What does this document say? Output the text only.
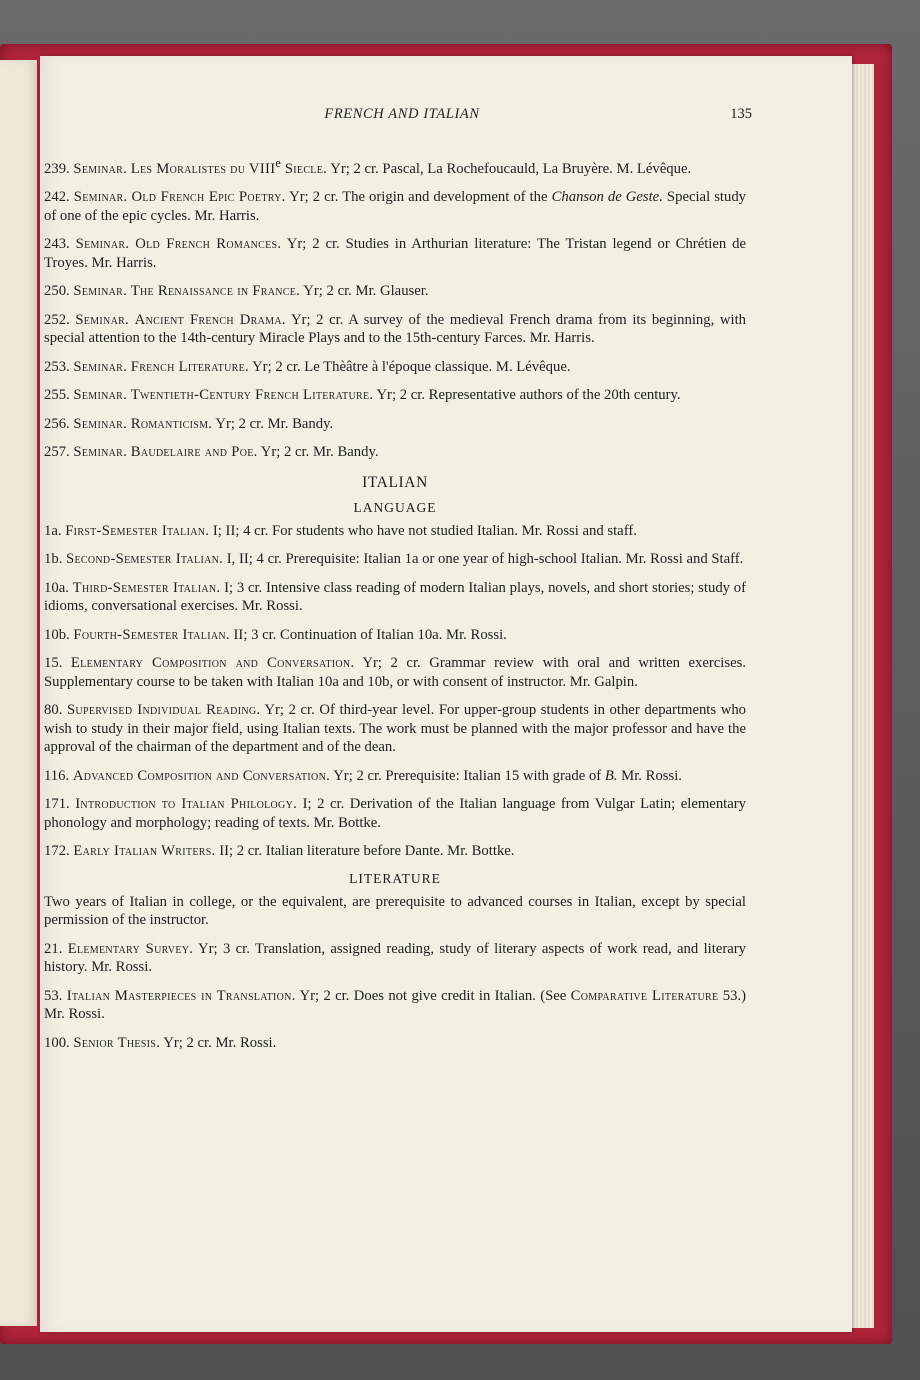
FRENCH AND ITALIAN	135

239. Seminar. Les Moralistes du VIIIe Siecle. Yr; 2 cr. Pascal, La Rochefoucauld, La Bruyère. M. Lévêque.

242. Seminar. Old French Epic Poetry. Yr; 2 cr. The origin and development of the Chanson de Geste. Special study of one of the epic cycles. Mr. Harris.

243. Seminar. Old French Romances. Yr; 2 cr. Studies in Arthurian literature: The Tristan legend or Chrétien de Troyes. Mr. Harris.

250. Seminar. The Renaissance in France. Yr; 2 cr. Mr. Glauser.

252. Seminar. Ancient French Drama. Yr; 2 cr. A survey of the medieval French drama from its beginning, with special attention to the 14th-century Miracle Plays and to the 15th-century Farces. Mr. Harris.

253. Seminar. French Literature. Yr; 2 cr. Le Thèâtre à l'époque classique. M. Lévêque.

255. Seminar. Twentieth-Century French Literature. Yr; 2 cr. Representative authors of the 20th century.

256. Seminar. Romanticism. Yr; 2 cr. Mr. Bandy.

257. Seminar. Baudelaire and Poe. Yr; 2 cr. Mr. Bandy.

ITALIAN
LANGUAGE

1a. First-Semester Italian. I; II; 4 cr. For students who have not studied Italian. Mr. Rossi and staff.

1b. Second-Semester Italian. I, II; 4 cr. Prerequisite: Italian 1a or one year of high-school Italian. Mr. Rossi and Staff.

10a. Third-Semester Italian. I; 3 cr. Intensive class reading of modern Italian plays, novels, and short stories; study of idioms, conversational exercises. Mr. Rossi.

10b. Fourth-Semester Italian. II; 3 cr. Continuation of Italian 10a. Mr. Rossi.

15. Elementary Composition and Conversation. Yr; 2 cr. Grammar review with oral and written exercises. Supplementary course to be taken with Italian 10a and 10b, or with consent of instructor. Mr. Galpin.

80. Supervised Individual Reading. Yr; 2 cr. Of third-year level. For upper-group students in other departments who wish to study in their major field, using Italian texts. The work must be planned with the major professor and have the approval of the chairman of the department and of the dean.

116. Advanced Composition and Conversation. Yr; 2 cr. Prerequisite: Italian 15 with grade of B. Mr. Rossi.

171. Introduction to Italian Philology. I; 2 cr. Derivation of the Italian language from Vulgar Latin; elementary phonology and morphology; reading of texts. Mr. Bottke.

172. Early Italian Writers. II; 2 cr. Italian literature before Dante. Mr. Bottke.

LITERATURE

Two years of Italian in college, or the equivalent, are prerequisite to advanced courses in Italian, except by special permission of the instructor.

21. Elementary Survey. Yr; 3 cr. Translation, assigned reading, study of literary aspects of work read, and literary history. Mr. Rossi.

53. Italian Masterpieces in Translation. Yr; 2 cr. Does not give credit in Italian. (See Comparative Literature 53.) Mr. Rossi.

100. Senior Thesis. Yr; 2 cr. Mr. Rossi.
